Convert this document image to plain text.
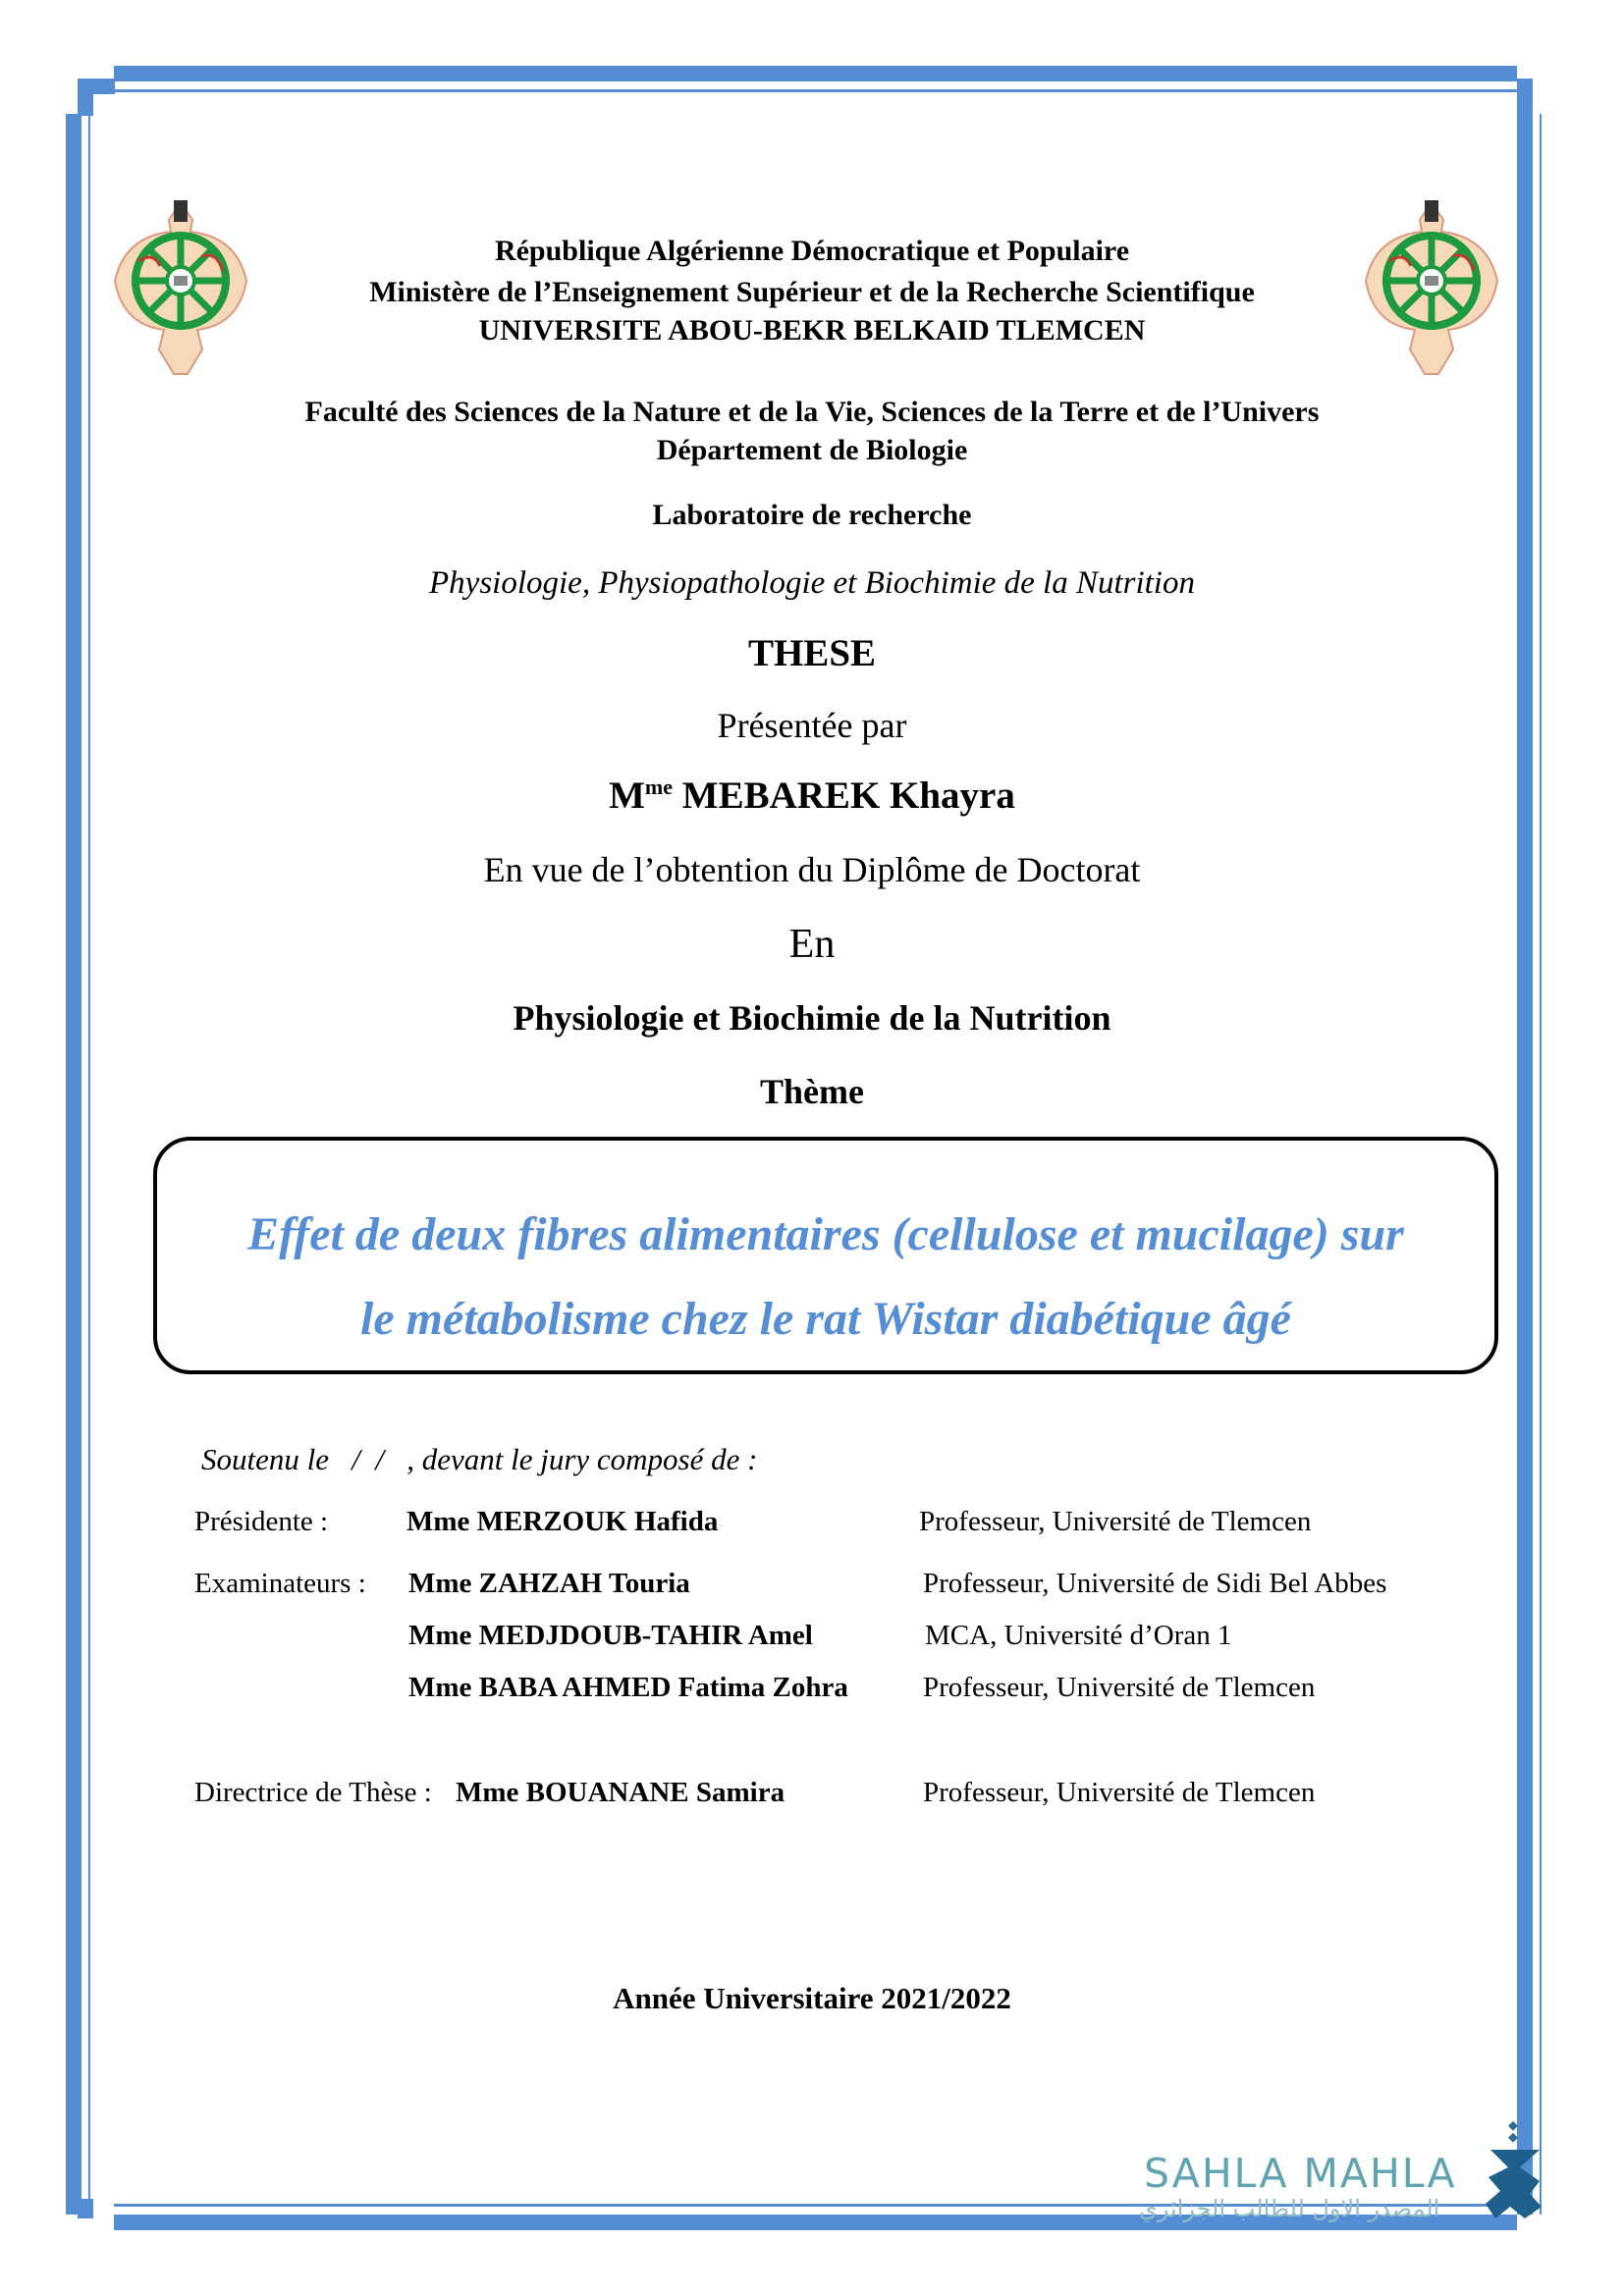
République Algérienne Démocratique et Populaire
Ministère de l’Enseignement Supérieur et de la Recherche Scientifique
UNIVERSITE ABOU-BEKR BELKAID TLEMCEN
Faculté des Sciences de la Nature et de la Vie, Sciences de la Terre et de l’Univers
Département de Biologie
Laboratoire de recherche
Physiologie, Physiopathologie et Biochimie de la Nutrition
THESE
Présentée par
$M^{me}$ MEBAREK Khayra
En vue de l’obtention du Diplôme de Doctorat
En
Physiologie et Biochimie de la Nutrition
Thème
Effet de deux fibres alimentaires (cellulose et mucilage) sur
le métabolisme chez le rat Wistar diabétique âgé
Soutenu le   /  /   , devant le jury composé de :
Présidente :	Mme MERZOUK Hafida	Professeur, Université de Tlemcen
Examinateurs : Mme ZAHZAH Touria	Professeur, Université de Sidi Bel Abbes
Mme MEDJDOUB-TAHIR Amel	MCA, Université d’Oran 1
Mme BABA AHMED Fatima Zohra	Professeur, Université de Tlemcen
Directrice de Thèse : Mme BOUANANE Samira	Professeur, Université de Tlemcen
Année Universitaire 2021/2022
SAHLA MAHLA
المصدر الاول للطالب الجزائري
